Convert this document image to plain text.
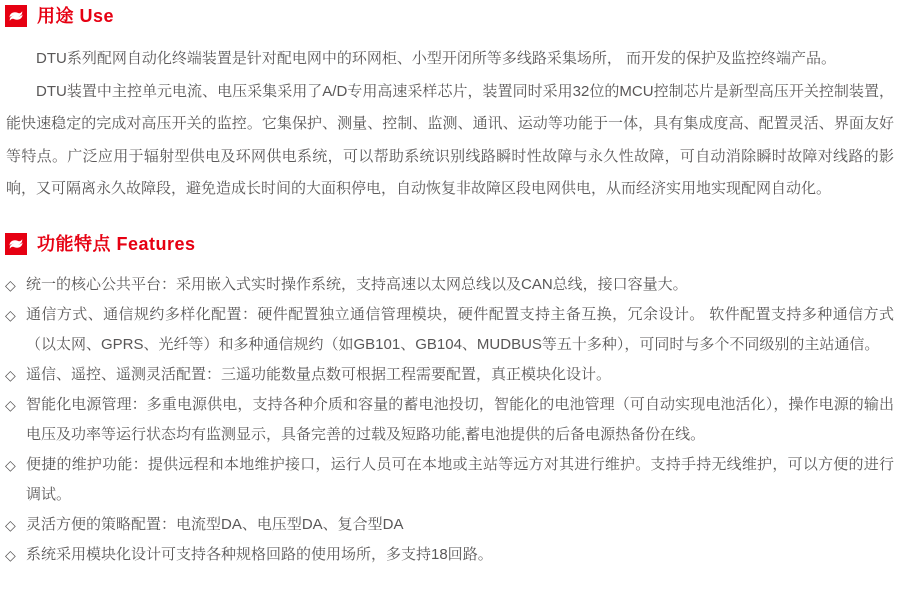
用途 Use

DTU系列配网自动化终端装置是针对配电网中的环网柜、小型开闭所等多线路采集场所， 而开发的保护及监控终端产品。

DTU装置中主控单元电流、电压采集采用了A/D专用高速采样芯片，装置同时采用32位的MCU控制芯片是新型高压开关控制装置，能快速稳定的完成对高压开关的监控。它集保护、测量、控制、监测、通讯、运动等功能于一体，具有集成度高、配置灵活、界面友好等特点。广泛应用于辐射型供电及环网供电系统，可以帮助系统识别线路瞬时性故障与永久性故障，可自动消除瞬时故障对线路的影响，又可隔离永久故障段，避免造成长时间的大面积停电，自动恢复非故障区段电网供电，从而经济实用地实现配网自动化。

功能特点 Features
◇ 统一的核心公共平台：采用嵌入式实时操作系统，支持高速以太网总线以及CAN总线，接口容量大。
◇ 通信方式、通信规约多样化配置：硬件配置独立通信管理模块，硬件配置支持主备互换，冗余设计。 软件配置支持多种通信方式（以太网、GPRS、光纤等）和多种通信规约（如GB101、GB104、MUDBUS等五十多种），可同时与多个不同级别的主站通信。
◇ 遥信、遥控、遥测灵活配置：三遥功能数量点数可根据工程需要配置，真正模块化设计。
◇ 智能化电源管理：多重电源供电，支持各种介质和容量的蓄电池投切，智能化的电池管理（可自动实现电池活化），操作电源的输出电压及功率等运行状态均有监测显示，具备完善的过载及短路功能,蓄电池提供的后备电源热备份在线。
◇ 便捷的维护功能：提供远程和本地维护接口，运行人员可在本地或主站等远方对其进行维护。支持手持无线维护，可以方便的进行调试。
◇ 灵活方便的策略配置：电流型DA、电压型DA、复合型DA
◇ 系统采用模块化设计可支持各种规格回路的使用场所，多支持18回路。
